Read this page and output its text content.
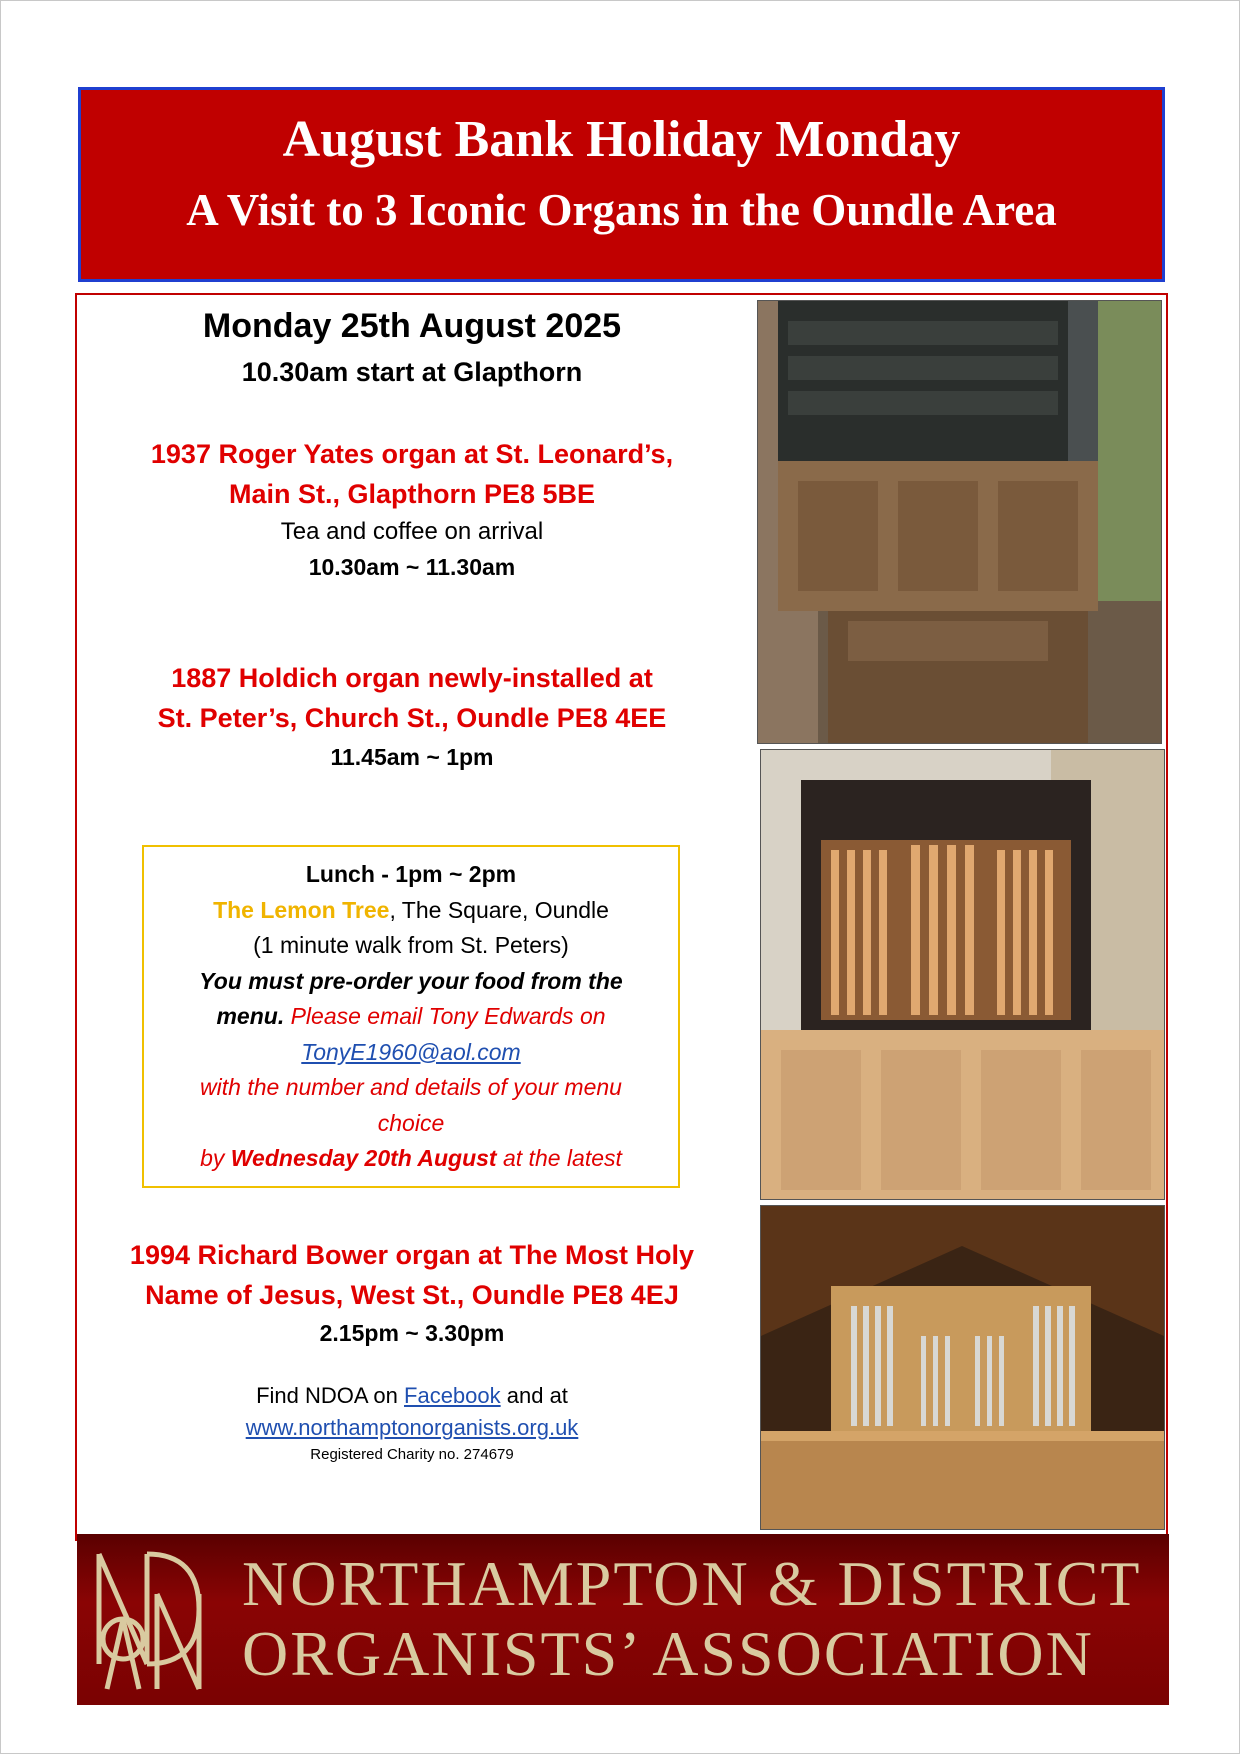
August Bank Holiday Monday
A Visit to 3 Iconic Organs in the Oundle Area
Monday 25th August 2025
10.30am start at Glapthorn
1937 Roger Yates organ at St. Leonard’s,
Main St., Glapthorn PE8 5BE
Tea and coffee on arrival
10.30am ~ 11.30am
1887 Holdich organ newly-installed at
St. Peter’s, Church St., Oundle PE8 4EE
11.45am ~ 1pm
Lunch - 1pm ~ 2pm
The Lemon Tree, The Square, Oundle
(1 minute walk from St. Peters)
You must pre-order your food from the
menu. Please email Tony Edwards on
TonyE1960@aol.com
with the number and details of your menu
choice
by Wednesday 20th August at the latest
1994 Richard Bower organ at The Most Holy
Name of Jesus, West St., Oundle PE8 4EJ
2.15pm ~ 3.30pm
Find NDOA on Facebook and at
www.northamptonorganists.org.uk
Registered Charity no. 274679
NORTHAMPTON & DISTRICT
ORGANISTS’ ASSOCIATION
